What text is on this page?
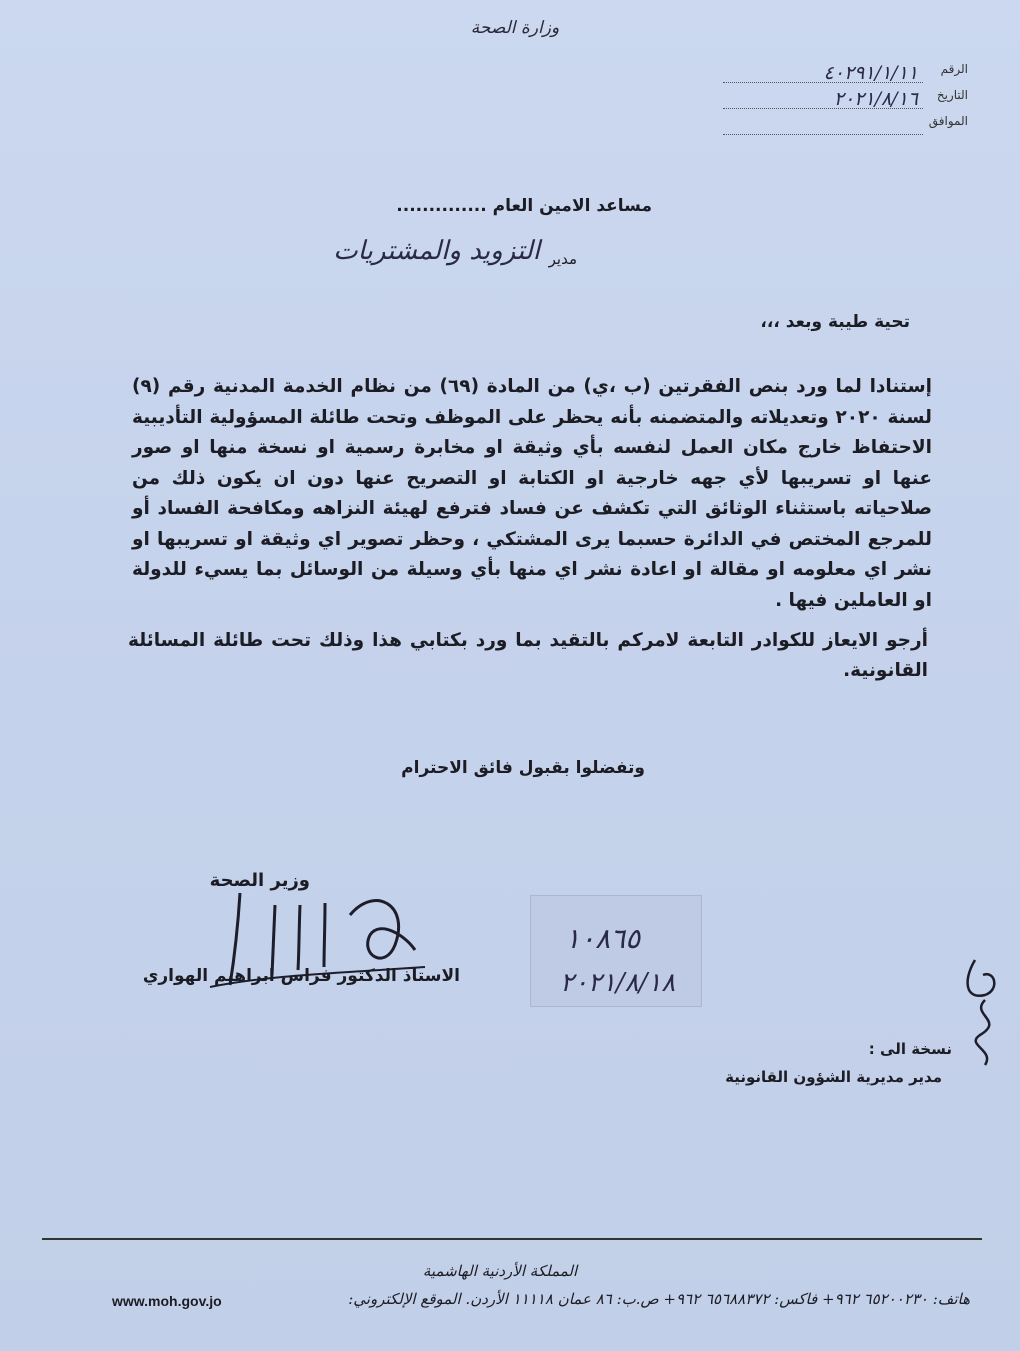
وزارة الصحة
الرقم
٤٠٢٩١/١/١١
التاريخ
٢٠٢١/٨/١٦
الموافق
مساعد الامين العام ..............
مدير
التزويد والمشتريات
تحية طيبة وبعد ،،،
إستنادا لما ورد بنص الفقرتين (ب ،ي) من المادة (٦٩) من نظام الخدمة المدنية رقم (٩) لسنة ٢٠٢٠ وتعديلاته والمتضمنه بأنه يحظر على الموظف وتحت طائلة المسؤولية التأديبية الاحتفاظ خارج مكان العمل لنفسه بأي وثيقة او مخابرة رسمية او نسخة منها او صور عنها او تسريبها لأي جهه خارجية او الكتابة او التصريح عنها دون ان يكون ذلك من صلاحياته باستثناء الوثائق التي تكشف عن فساد فترفع لهيئة النزاهه ومكافحة الفساد أو للمرجع المختص في الدائرة حسبما يرى المشتكي ، وحظر تصوير اي وثيقة او تسريبها او نشر اي معلومه او مقالة او اعادة نشر اي منها بأي وسيلة من الوسائل بما يسيء للدولة او العاملين فيها .
أرجو الايعاز للكوادر التابعة لامركم بالتقيد بما ورد بكتابي هذا وذلك تحت طائلة المسائلة القانونية.
وتفضلوا بقبول فائق الاحترام
وزير الصحة
الاستاذ الدكتور فراس ابراهيم الهواري
١٠٨٦٥
٢٠٢١/٨/١٨
نسخة الى :
مدير مديرية الشؤون القانونية
المملكة الأردنية الهاشمية
هاتف: ٦٥٢٠٠٢٣٠ ٩٦٢+ فاكس: ٦٥٦٨٨٣٧٢ ٩٦٢+ ص.ب: ٨٦ عمان ١١١١٨ الأردن. الموقع الإلكتروني:
www.moh.gov.jo
